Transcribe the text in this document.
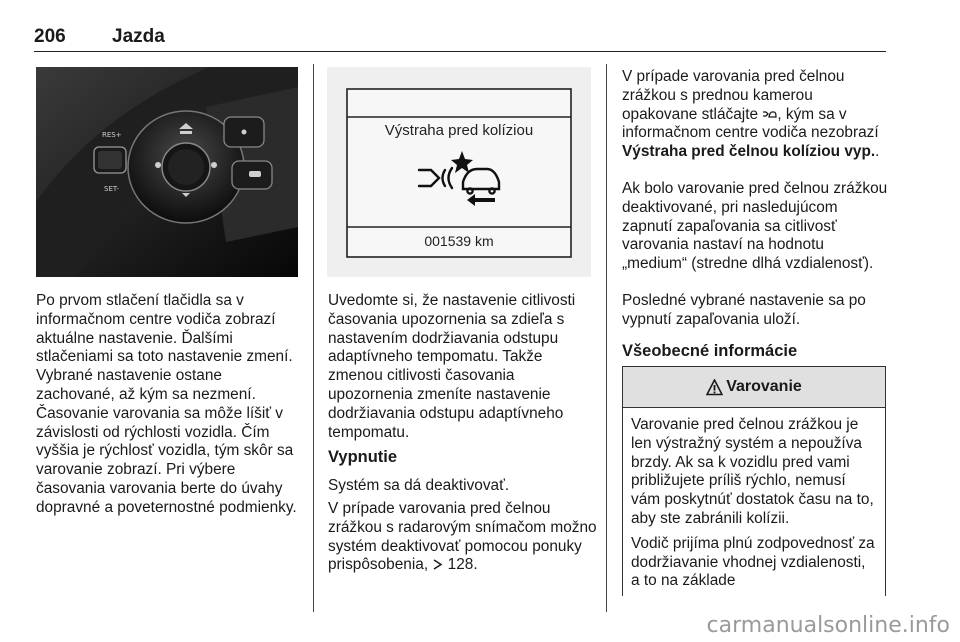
206 Jazda
RES+
SET-

Po prvom stlačení tlačidla sa v informačnom centre vodiča zobrazí aktuálne nastavenie. Ďalšími stlačeniami sa toto nastavenie zmení. Vybrané nastavenie ostane zachované, až kým sa nezmení. Časovanie varovania sa môže líšiť v závislosti od rýchlosti vozidla. Čím vyššia je rýchlosť vozidla, tým skôr sa varovanie zobrazí. Pri výbere časovania varovania berte do úvahy dopravné a poveternostné podmienky.

Výstraha pred kolíziou
001539 km

Uvedomte si, že nastavenie citlivosti časovania upozornenia sa zdieľa s nastavením dodržiavania odstupu adaptívneho tempomatu. Takže zmenou citlivosti časovania upozornenia zmeníte nastavenie dodržiavania odstupu adaptívneho tempomatu.

Vypnutie

Systém sa dá deaktivovať.

V prípade varovania pred čelnou zrážkou s radarovým snímačom možno systém deaktivovať pomocou ponuky prispôsobenia, 128.

V prípade varovania pred čelnou zrážkou s prednou kamerou opakovane stláčajte , kým sa v informačnom centre vodiča nezobrazí Výstraha pred čelnou kolíziou vyp..

Ak bolo varovanie pred čelnou zrážkou deaktivované, pri nasledujúcom zapnutí zapaľovania sa citlivosť varovania nastaví na hodnotu „medium“ (stredne dlhá vzdialenosť).

Posledné vybrané nastavenie sa po vypnutí zapaľovania uloží.

Všeobecné informácie
Varovanie

Varovanie pred čelnou zrážkou je len výstražný systém a nepoužíva brzdy. Ak sa k vozidlu pred vami približujete príliš rýchlo, nemusí vám poskytnúť dostatok času na to, aby ste zabránili kolízii.

Vodič prijíma plnú zodpovednosť za dodržiavanie vhodnej vzdialenosti, a to na základe

carmanualsonline.info
